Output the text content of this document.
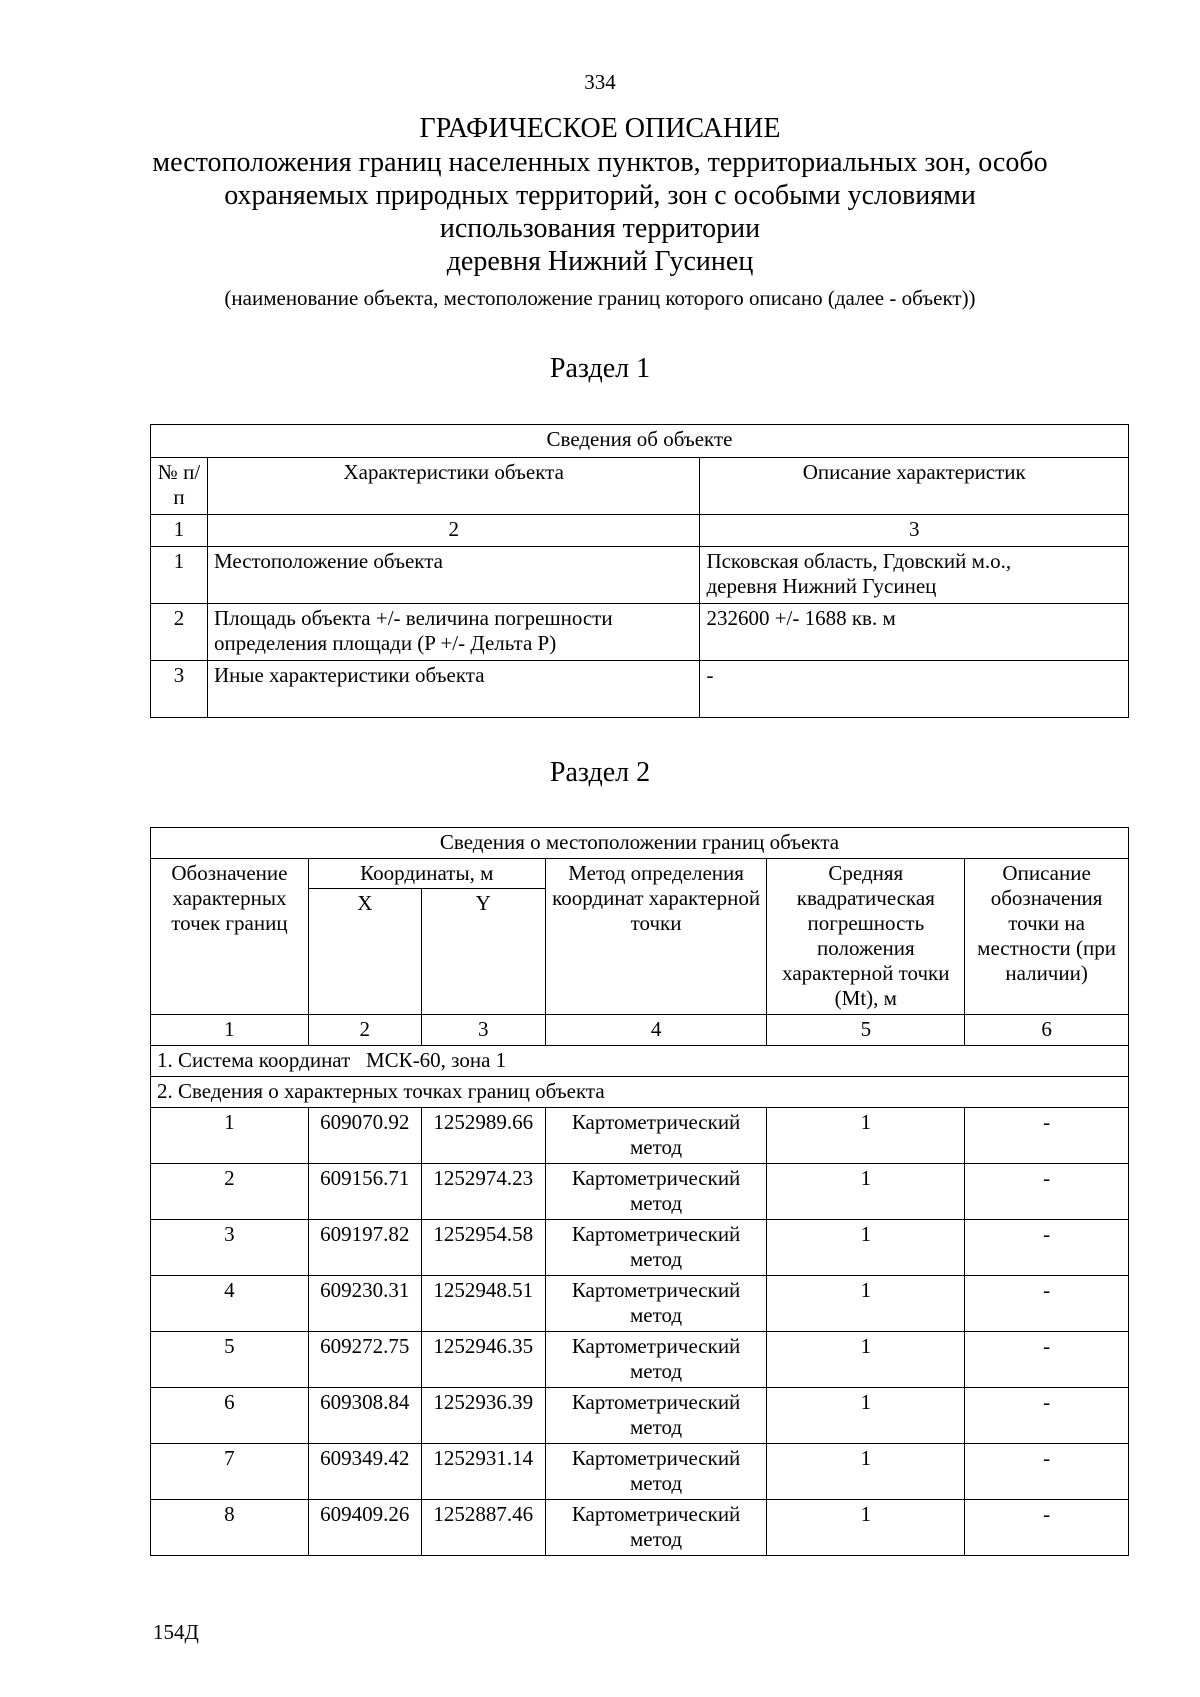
334
ГРАФИЧЕСКОЕ ОПИСАНИЕ
местоположения границ населенных пунктов, территориальных зон, особо
охраняемых природных территорий, зон с особыми условиями
использования территории
деревня Нижний Гусинец
(наименование объекта, местоположение границ которого описано (далее - объект))
Раздел 1
Сведения об объекте		
№ п/п	Характеристики объекта	Описание характеристик
1	2	3
1	Местоположение объекта	Псковская область, Гдовский м.о.,
деревня Нижний Гусинец

2	Площадь объекта +/- величина погрешности
определения площади (P +/- Дельта P)	232600 +/- 1688 кв. м
3	Иные характеристики объекта	-
Раздел 2
Сведения о местоположении границ объекта					
Обозначение характерных точек границ	Координаты, м		Метод определения координат характерной точки	Средняя квадратическая погрешность положения характерной точки (Mt), м	Описание обозначения точки на местности (при наличии)
	X	Y			
1	2	3	4	5	6
1. Система координат   МСК-60, зона 1					
2. Сведения о характерных точках границ объекта					
1	609070.92	1252989.66	Картометрический метод	1	-
2	609156.71	1252974.23	Картометрический метод	1	-
3	609197.82	1252954.58	Картометрический метод	1	-
4	609230.31	1252948.51	Картометрический метод	1	-
5	609272.75	1252946.35	Картометрический метод	1	-
6	609308.84	1252936.39	Картометрический метод	1	-
7	609349.42	1252931.14	Картометрический метод	1	-
8	609409.26	1252887.46	Картометрический метод	1	-
154Д
